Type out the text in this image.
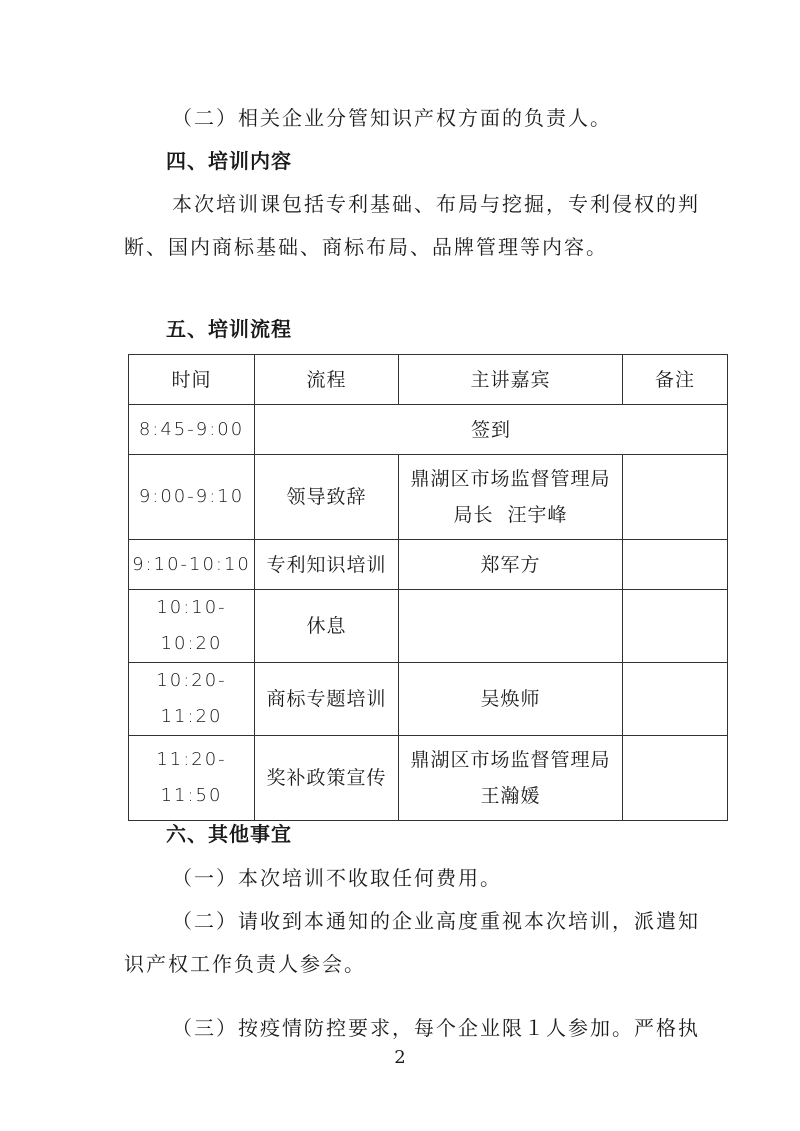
（二）相关企业分管知识产权方面的负责人。
四、培训内容
本次培训课包括专利基础、布局与挖掘，专利侵权的判
断、国内商标基础、商标布局、品牌管理等内容。
五、培训流程
时间	流程	主讲嘉宾	备注
8:45-9:00	签到		
9:00-9:10	领导致辞	鼎湖区市场监督管理局
局长  汪宇峰	

9:10-10:10	专利知识培训	郑军方	
10:10-10:20	休息		
10:20-11:20	商标专题培训	吴焕师	
11:20-11:50	奖补政策宣传	鼎湖区市场监督管理局
王瀚媛	

六、其他事宜
（一）本次培训不收取任何费用。
（二）请收到本通知的企业高度重视本次培训，派遣知
识产权工作负责人参会。
（三）按疫情防控要求，每个企业限１人参加。严格执
2
